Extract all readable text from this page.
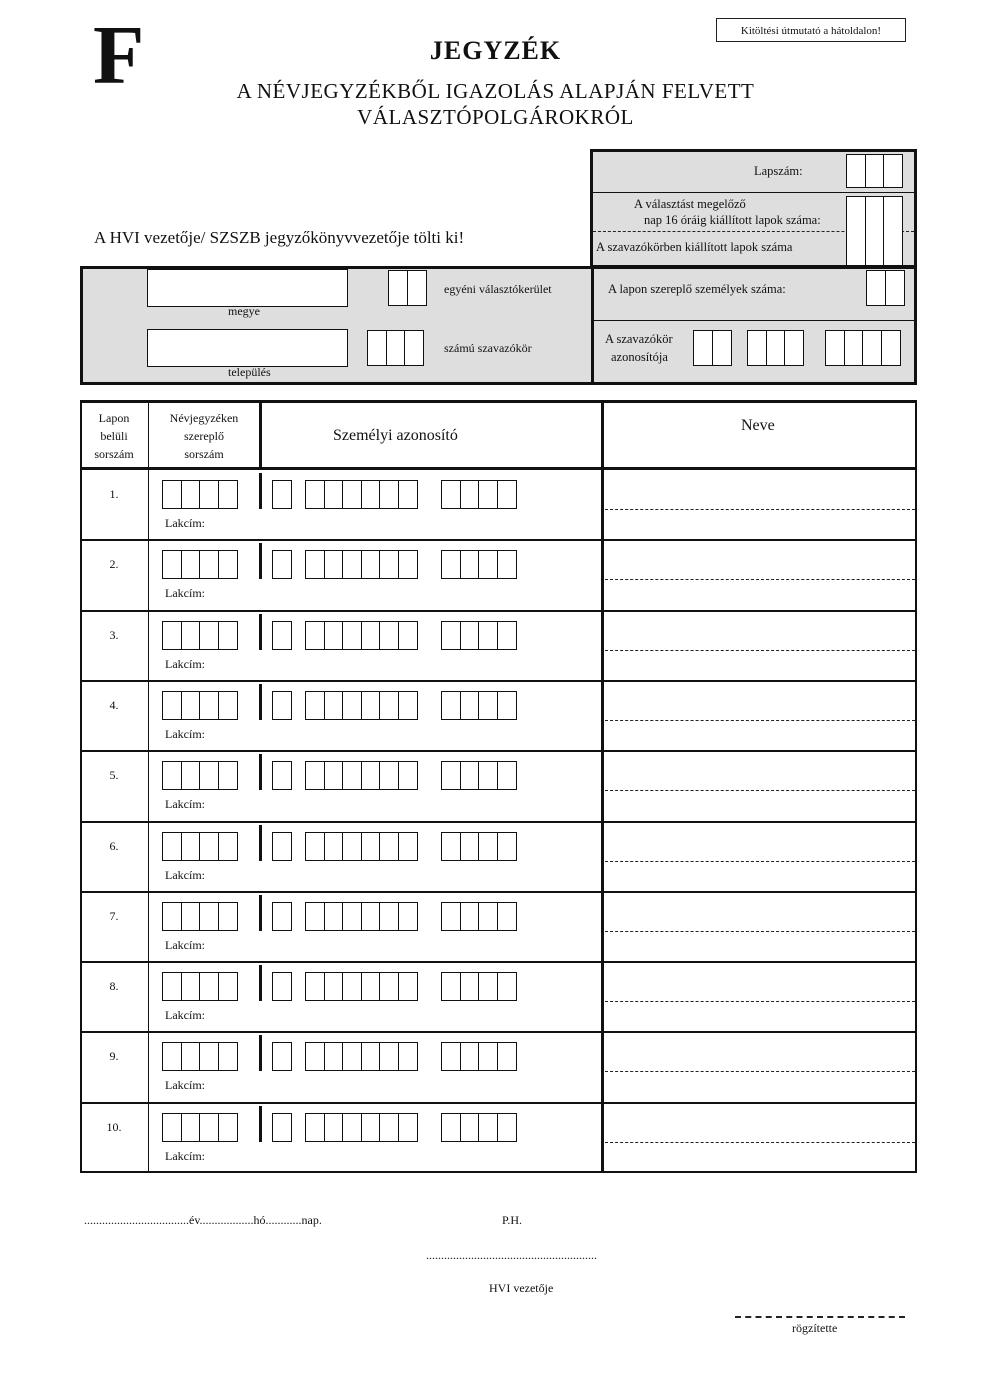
F	JEGYZÉK
A NÉVJEGYZÉKBŐL IGAZOLÁS ALAPJÁN FELVETT
VÁLASZTÓPOLGÁROKRÓL
Kitöltési útmutató a hátoldalon!
A HVI vezetője/ SZSZB jegyzőkönyvvezetője tölti ki!
Lapszám:
A választást megelőző
nap 16 óráig kiállított lapok száma:
A szavazókörben kiállított lapok száma
megye
egyéni választókerület
település
számú szavazókör
A lapon szereplő személyek száma:
A szavazókör
azonosítója
Lapon
belüli
sorszám
Névjegyzéken
szereplő
sorszám
Személyi azonosító
Neve
1.
Lakcím:
2.
Lakcím:
3.
Lakcím:
4.
Lakcím:
5.
Lakcím:
6.
Lakcím:
7.
Lakcím:
8.
Lakcím:
9.
Lakcím:
10.
Lakcím:
...................................év..................hó............nap.	P.H.
.........................................................
HVI vezetője
rögzítette
